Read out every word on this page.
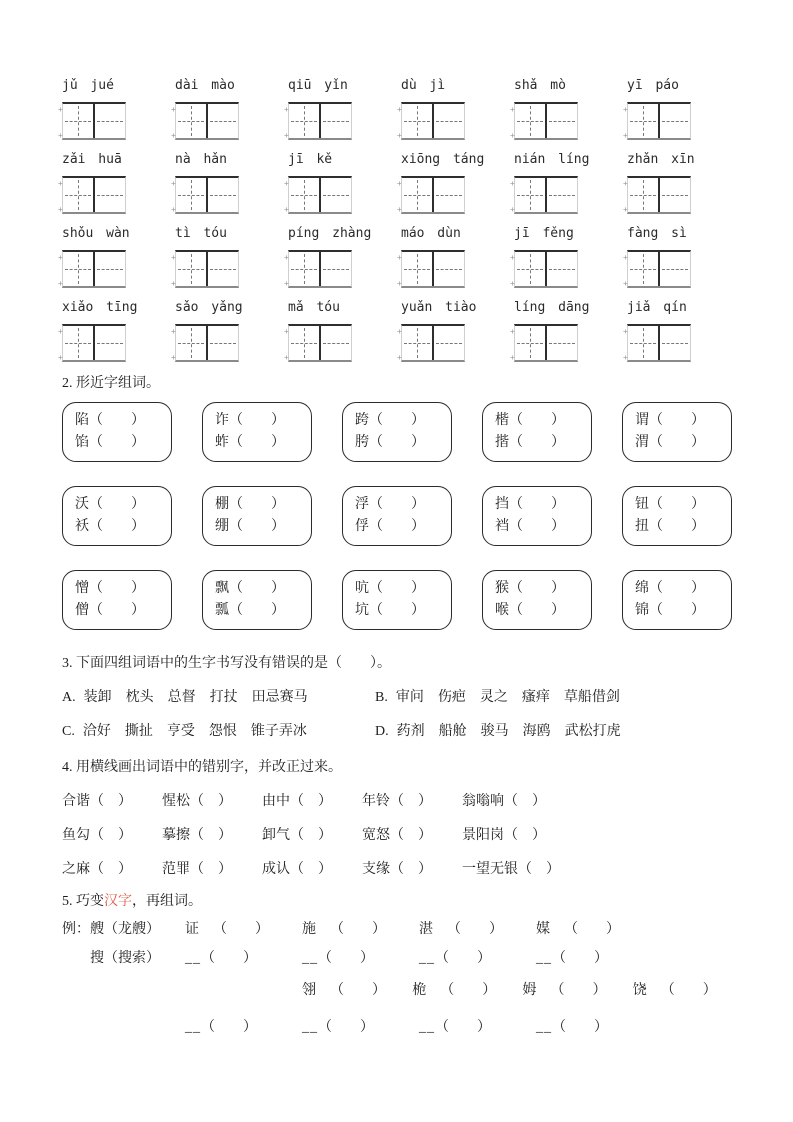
jǔ jué
+
+	dài mào
+
+	qiū yǐn
+
+	dù jì
+
+	shǎ mò
+
+	yī páo
+
+
zǎi huā
+
+	nà hǎn
+
+	jī kě
+
+	xiōng táng
+
+	nián líng
+
+	zhǎn xīn
+
+
shǒu wàn
+
+	tì tóu
+
+	píng zhàng
+
+	máo dùn
+
+	jī fěng
+
+	fàng sì
+
+
xiǎo tīng
+
+	sǎo yǎng
+
+	mǎ tóu
+
+	yuǎn tiào
+
+	líng dāng
+
+	jiǎ qín
+
+

2. 形近字组词。

陷（　　）
馅（　　）
诈（　　）
蚱（　　）
跨（　　）
胯（　　）
楷（　　）
揩（　　）
谓（　　）
渭（　　）
沃（　　）
袄（　　）
棚（　　）
绷（　　）
浮（　　）
俘（　　）
挡（　　）
裆（　　）
钮（　　）
扭（　　）
憎（　　）
僧（　　）
飘（　　）
瓢（　　）
吭（　　）
坑（　　）
猴（　　）
喉（　　）
绵（　　）
锦（　　）

3. 下面四组词语中的生字书写没有错误的是（　　）。

A. 装卸　枕头　总督　打扙　田忌赛马	B. 审问　伤疤　灵之　瘙痒　草船借剑
C. 洽好　撕扯　亨受　怨恨　锥子弄冰	D. 药剂　船舱　骏马　海鸥　武松打虎

4. 用横线画出词语中的错别字，并改正过来。

合谐（　） 惺松（　） 由中（　） 年铃（　） 翁嗡响（　）
鱼勾（　） 摹擦（　） 卸气（　） 宽怒（　） 景阳岗（　）
之麻（　） 范罪（　） 成认（　） 支缘（　） 一望无银（　）

5. 巧变汉字，再组词。

例：艘（龙艘）	证 （　　）	施 （　　）	湛 （　　）	媒 （　　）
搜（搜索）	__（　　）	__（　　）	__（　　）	__（　　）
翎 （　　）	桅 （　　）	姆 （　　）	饶 （　　）
__（　　）	__（　　）	__（　　）	__（　　）
